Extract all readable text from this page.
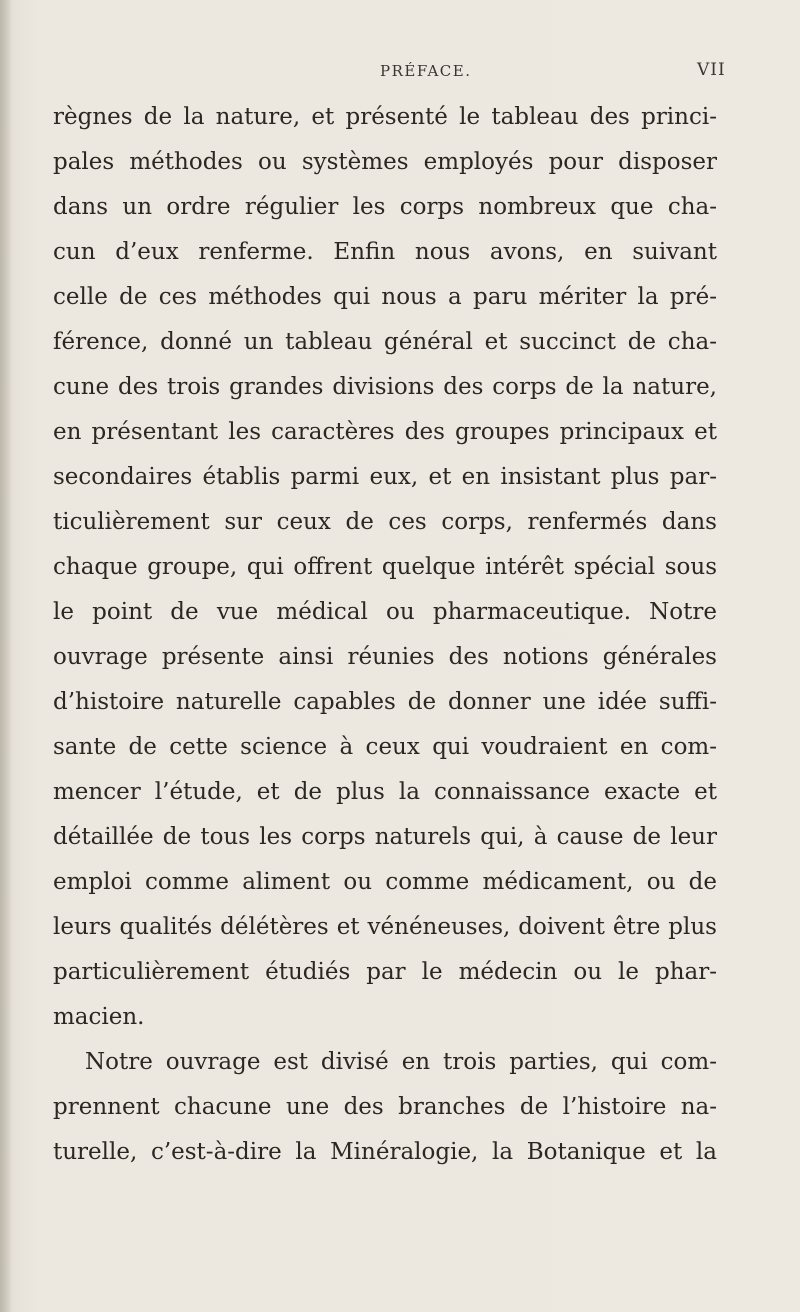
PRÉFACE.	VII
règnes de la nature, et présenté le tableau des princi-
pales méthodes ou systèmes employés pour disposer
dans un ordre régulier les corps nombreux que cha-
cun d’eux renferme. Enfin nous avons, en suivant
celle de ces méthodes qui nous a paru mériter la pré-
férence, donné un tableau général et succinct de cha-
cune des trois grandes divisions des corps de la nature,
en présentant les caractères des groupes principaux et
secondaires établis parmi eux, et en insistant plus par-
ticulièrement sur ceux de ces corps, renfermés dans
chaque groupe, qui offrent quelque intérêt spécial sous
le point de vue médical ou pharmaceutique. Notre
ouvrage présente ainsi réunies des notions générales
d’histoire naturelle capables de donner une idée suffi-
sante de cette science à ceux qui voudraient en com-
mencer l’étude, et de plus la connaissance exacte et
détaillée de tous les corps naturels qui, à cause de leur
emploi comme aliment ou comme médicament, ou de
leurs qualités délétères et vénéneuses, doivent être plus
particulièrement étudiés par le médecin ou le phar-
macien.
Notre ouvrage est divisé en trois parties, qui com-
prennent chacune une des branches de l’histoire na-
turelle, c’est-à-dire la Minéralogie, la Botanique et la
